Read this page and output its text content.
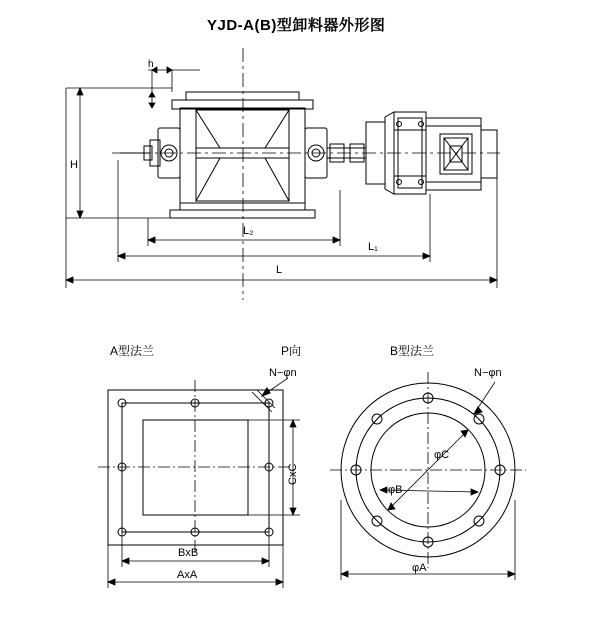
YJD-A(B)型卸料器外形图
h
H
L₂
L₁
L
A型法兰	P向	B型法兰
N−φn
CxC
BxB
AxA
N−φn
φC
φB
φA
